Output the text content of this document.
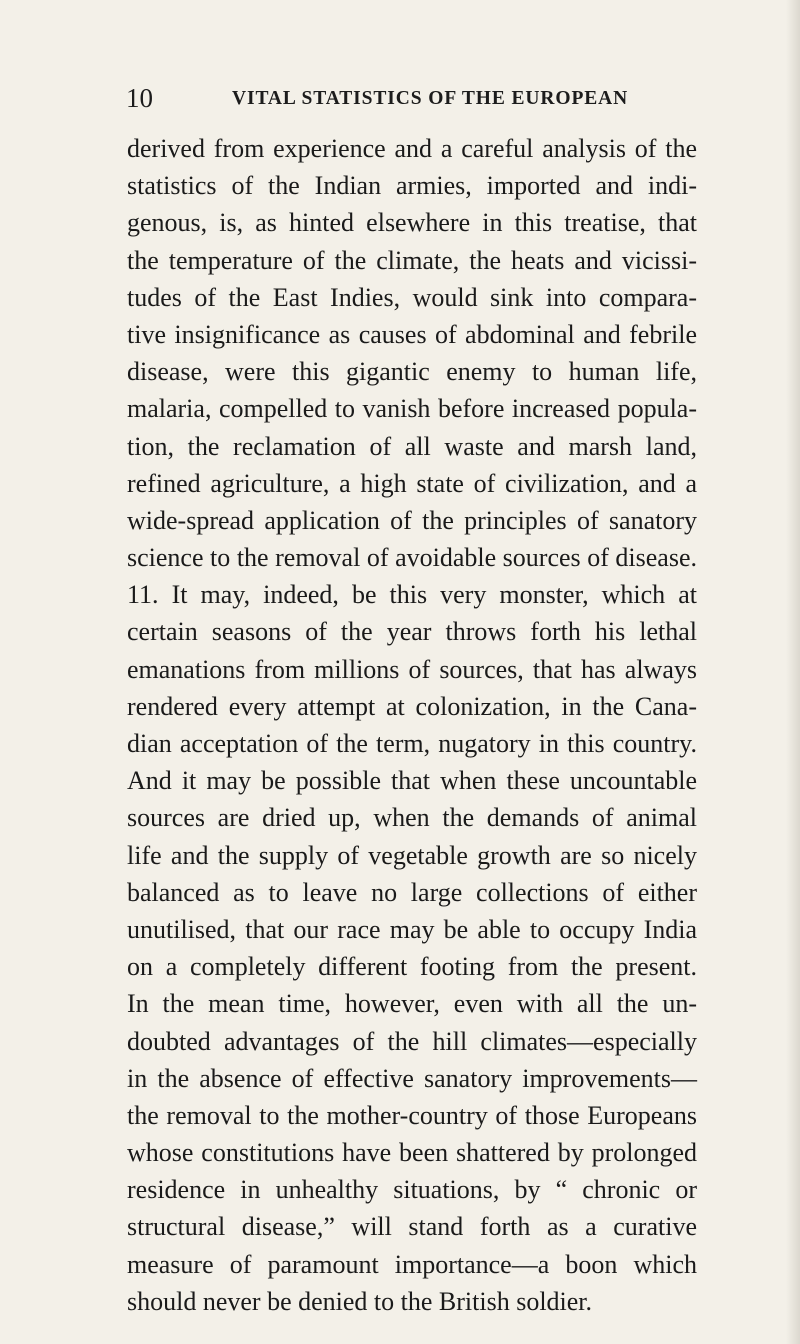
10	VITAL STATISTICS OF THE EUROPEAN
derived from experience and a careful analysis of the
statistics of the Indian armies, imported and indi-
genous, is, as hinted elsewhere in this treatise, that
the temperature of the climate, the heats and vicissi-
tudes of the East Indies, would sink into compara-
tive insignificance as causes of abdominal and febrile
disease, were this gigantic enemy to human life,
malaria, compelled to vanish before increased popula-
tion, the reclamation of all waste and marsh land,
refined agriculture, a high state of civilization, and a
wide-spread application of the principles of sanatory
science to the removal of avoidable sources of disease.
11. It may, indeed, be this very monster, which at
certain seasons of the year throws forth his lethal
emanations from millions of sources, that has always
rendered every attempt at colonization, in the Cana-
dian acceptation of the term, nugatory in this country.
And it may be possible that when these uncountable
sources are dried up, when the demands of animal
life and the supply of vegetable growth are so nicely
balanced as to leave no large collections of either
unutilised, that our race may be able to occupy India
on a completely different footing from the present.
In the mean time, however, even with all the un-
doubted advantages of the hill climates—especially
in the absence of effective sanatory improvements—
the removal to the mother-country of those Europeans
whose constitutions have been shattered by prolonged
residence in unhealthy situations, by “ chronic or
structural disease,” will stand forth as a curative
measure of paramount importance—a boon which
should never be denied to the British soldier.
